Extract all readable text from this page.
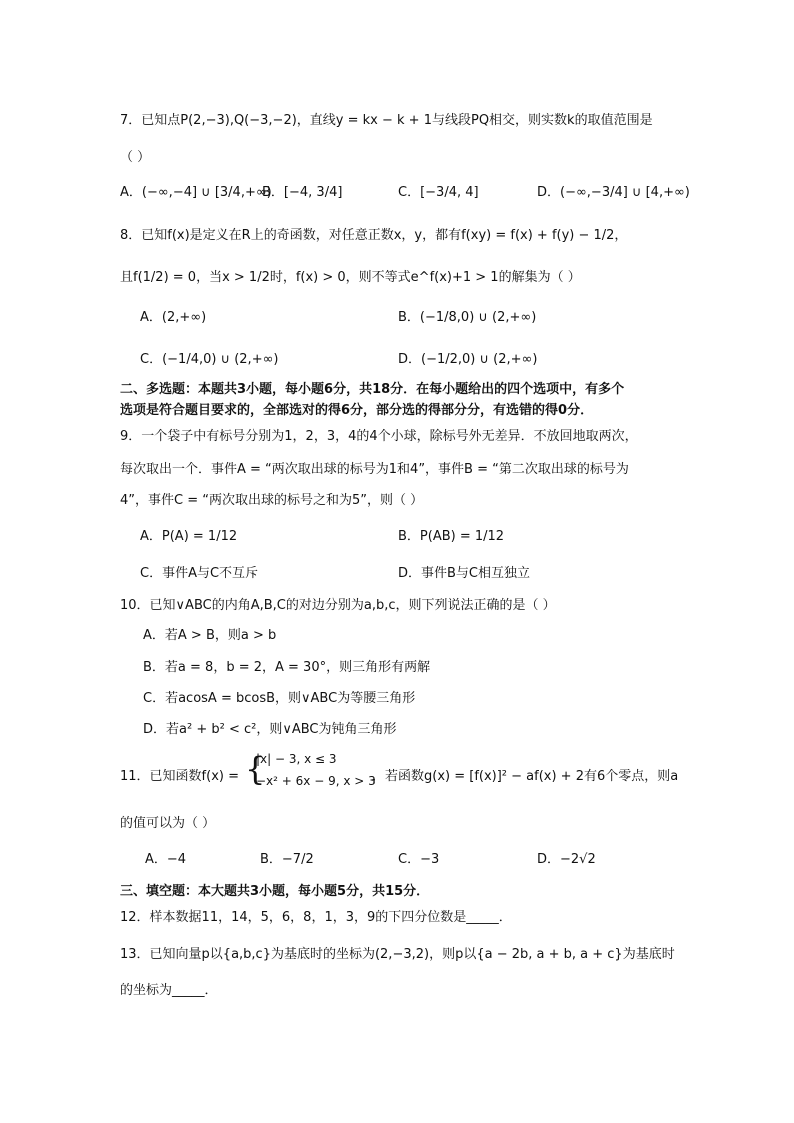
7．已知点P(2,−3),Q(−3,−2)，直线y = kx − k + 1与线段PQ相交，则实数k的取值范围是
（ ）
A．(−∞,−4] ∪ [3/4,+∞)
B．[−4, 3/4]	C．[−3/4, 4]	D．(−∞,−3/4] ∪ [4,+∞)
8．已知f(x)是定义在R上的奇函数，对任意正数x，y，都有f(xy) = f(x) + f(y) − 1/2，
且f(1/2) = 0，当x > 1/2时，f(x) > 0，则不等式e^f(x)+1 > 1的解集为（ ）
A．(2,+∞)	B．(−1/8,0) ∪ (2,+∞)
C．(−1/4,0) ∪ (2,+∞)	D．(−1/2,0) ∪ (2,+∞)
二、多选题：本题共3小题，每小题6分，共18分．在每小题给出的四个选项中，有多个
选项是符合题目要求的，全部选对的得6分，部分选的得部分分，有选错的得0分．
9．一个袋子中有标号分别为1，2，3，4的4个小球，除标号外无差异．不放回地取两次，
每次取出一个．事件A = “两次取出球的标号为1和4”，事件B = “第二次取出球的标号为
4”，事件C = “两次取出球的标号之和为5”，则（ ）
A．P(A) = 1/12	B．P(AB) = 1/12
C．事件A与C不互斥	D．事件B与C相互独立
10．已知∨ABC的内角A,B,C的对边分别为a,b,c，则下列说法正确的是（ ）
A．若A > B，则a > b
B．若a = 8，b = 2，A = 30°，则三角形有两解
C．若acosA = bcosB，则∨ABC为等腰三角形
D．若a² + b² < c²，则∨ABC为钝角三角形
11．已知函数f(x) = {
|x| − 3, x ≤ 3
−x² + 6x − 9, x > 3
，若函数g(x) = [f(x)]² − af(x) + 2有6个零点，则a
的值可以为（ ）
A．−4	B．−7/2	C．−3	D．−2√2
三、填空题：本大题共3小题，每小题5分，共15分．
12．样本数据11，14，5，6，8，1，3，9的下四分位数是_____．
13．已知向量p以{a,b,c}为基底时的坐标为(2,−3,2)，则p以{a − 2b, a + b, a + c}为基底时
的坐标为_____．
